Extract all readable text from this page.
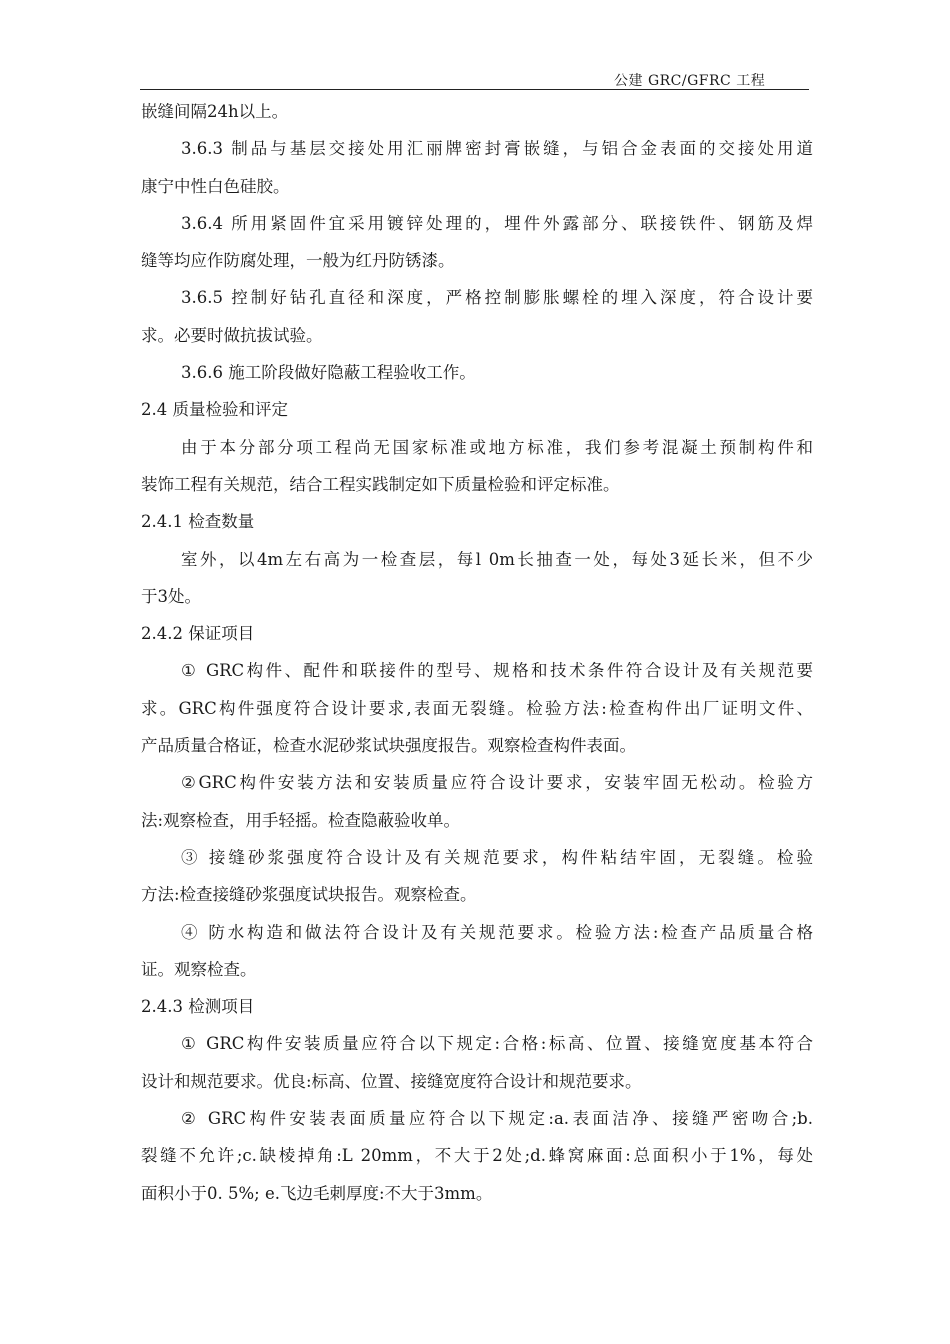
公建 GRC/GFRC 工程
嵌缝间隔24h以上。
3.6.3 制品与基层交接处用汇丽牌密封膏嵌缝，与铝合金表面的交接处用道
康宁中性白色硅胶。
3.6.4 所用紧固件宜采用镀锌处理的，埋件外露部分、联接铁件、钢筋及焊
缝等均应作防腐处理，一般为红丹防锈漆。
3.6.5 控制好钻孔直径和深度，严格控制膨胀螺栓的埋入深度，符合设计要
求。必要时做抗拔试验。
3.6.6 施工阶段做好隐蔽工程验收工作。
2.4 质量检验和评定
由于本分部分项工程尚无国家标准或地方标准，我们参考混凝土预制构件和
装饰工程有关规范，结合工程实践制定如下质量检验和评定标准。
2.4.1 检查数量
室外，以4m左右高为一检查层，每l 0m长抽查一处，每处3延长米，但不少
于3处。
2.4.2 保证项目
① GRC构件、配件和联接件的型号、规格和技术条件符合设计及有关规范要
求。GRC构件强度符合设计要求,表面无裂缝。检验方法:检查构件出厂证明文件、
产品质量合格证，检查水泥砂浆试块强度报告。观察检查构件表面。
②GRC构件安装方法和安装质量应符合设计要求，安装牢固无松动。检验方
法:观察检查，用手轻摇。检查隐蔽验收单。
③ 接缝砂浆强度符合设计及有关规范要求，构件粘结牢固，无裂缝。检验
方法:检查接缝砂浆强度试块报告。观察检查。
④ 防水构造和做法符合设计及有关规范要求。检验方法:检查产品质量合格
证。观察检查。
2.4.3 检测项目
① GRC构件安装质量应符合以下规定:合格:标高、位置、接缝宽度基本符合
设计和规范要求。优良:标高、位置、接缝宽度符合设计和规范要求。
② GRC构件安装表面质量应符合以下规定:a.表面洁净、接缝严密吻合;b.
裂缝不允许;c.缺棱掉角:L 20mm，不大于2处;d.蜂窝麻面:总面积小于1%，每处
面积小于0. 5%; e.飞边毛刺厚度:不大于3mm。
